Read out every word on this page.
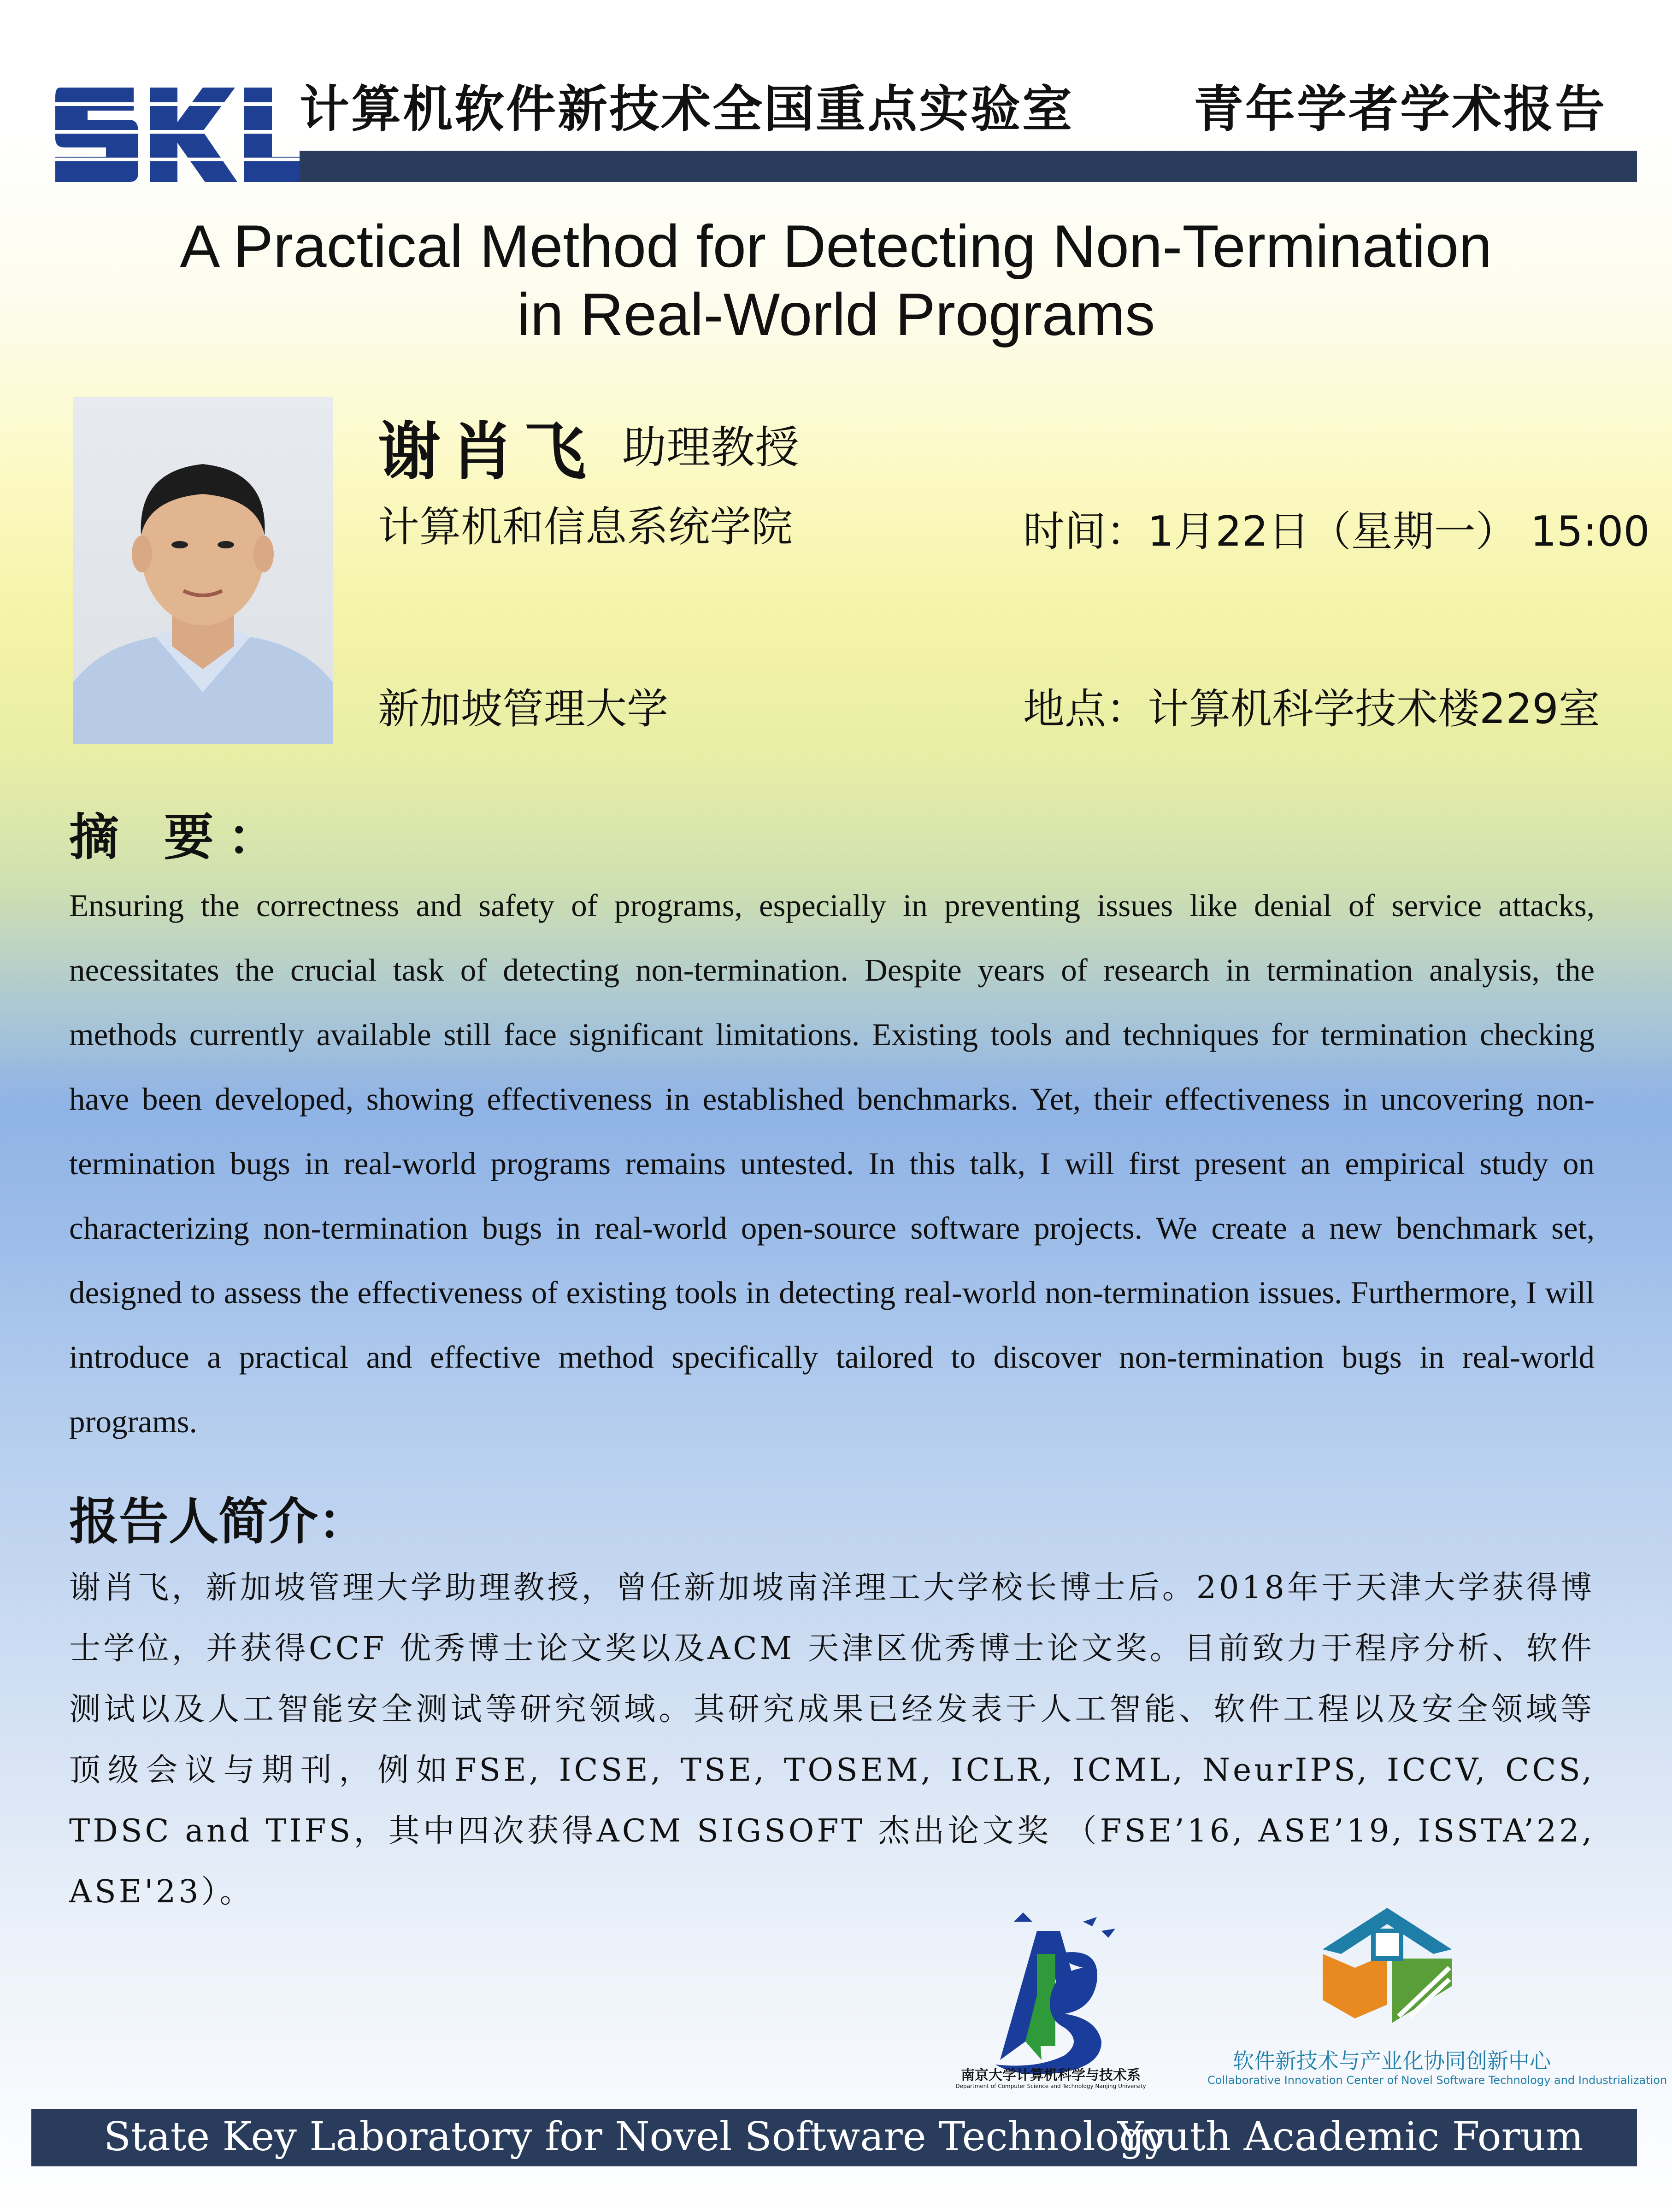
计算机软件新技术全国重点实验室 青年学者学术报告
A Practical Method for Detecting Non-Termination
in Real-World Programs
谢肖飞 助理教授
计算机和信息系统学院
新加坡管理大学
时间：1月22日（星期一） 15:00
地点：计算机科学技术楼229室
摘 要：
Ensuring the correctness and safety of programs, especially in preventing issues like denial of service attacks, necessitates the crucial task of detecting non-termination. Despite years of research in termination analysis, the methods currently available still face significant limitations. Existing tools and techniques for termination checking have been developed, showing effectiveness in established benchmarks. Yet, their effectiveness in uncovering non-termination bugs in real-world programs remains untested. In this talk, I will first present an empirical study on characterizing non-termination bugs in real-world open-source software projects. We create a new benchmark set, designed to assess the effectiveness of existing tools in detecting real-world non-termination issues. Furthermore, I will introduce a practical and effective method specifically tailored to discover non-termination bugs in real-world programs.
报告人简介：
谢肖飞，新加坡管理大学助理教授，曾任新加坡南洋理工大学校长博士后。2018年于天津大学获得博士学位，并获得CCF 优秀博士论文奖以及ACM 天津区优秀博士论文奖。目前致力于程序分析、软件测试以及人工智能安全测试等研究领域。其研究成果已经发表于人工智能、软件工程以及安全领域等顶级会议与期刊，例如FSE, ICSE, TSE, TOSEM, ICLR, ICML, NeurIPS, ICCV, CCS, TDSC and TIFS，其中四次获得ACM SIGSOFT 杰出论文奖 （FSE’16, ASE’19, ISSTA’22, ASE'23）。
南京大学计算机科学与技术系
Department of Computer Science and Technology Nanjing University
软件新技术与产业化协同创新中心
Collaborative Innovation Center of Novel Software Technology and Industrialization
State Key Laboratory for Novel Software Technology
Youth Academic Forum
